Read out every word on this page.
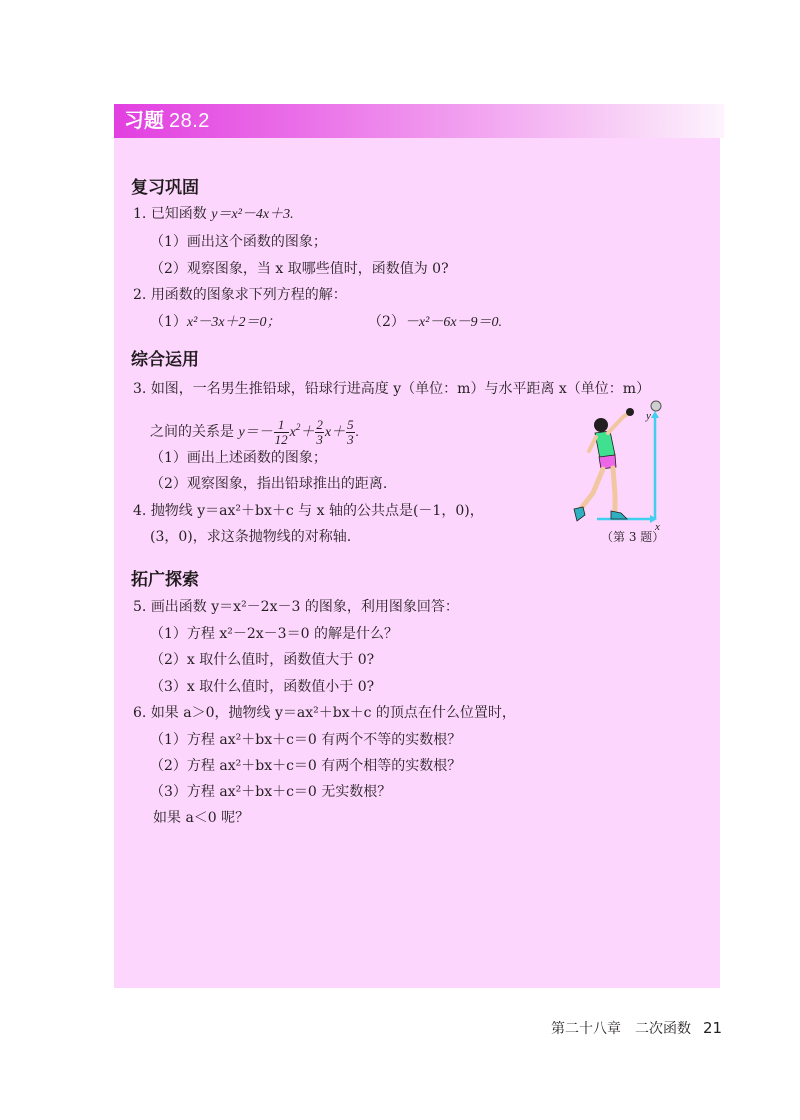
习题 28.2
复习巩固
1. 已知函数 y＝x²－4x＋3.
（1）画出这个函数的图象；
（2）观察图象，当 x 取哪些值时，函数值为 0?
2. 用函数的图象求下列方程的解：
（1）x²－3x＋2＝0；	（2）－x²－6x－9＝0.
综合运用
3. 如图，一名男生推铅球，铅球行进高度 y（单位：m）与水平距离 x（单位：m）
之间的关系是 $y=- \frac{1}{12} x^2+ \frac{2}{3} x+ \frac{5}{3}$ .
（1）画出上述函数的图象；
（2）观察图象，指出铅球推出的距离.
4. 抛物线 y＝ax²＋bx＋c 与 x 轴的公共点是(－1，0)，
(3，0)，求这条抛物线的对称轴.
y
x
（第 3 题）
拓广探索
5. 画出函数 y＝x²－2x－3 的图象，利用图象回答：
（1）方程 x²－2x－3＝0 的解是什么？
（2）x 取什么值时，函数值大于 0?
（3）x 取什么值时，函数值小于 0?
6. 如果 a＞0，抛物线 y＝ax²＋bx＋c 的顶点在什么位置时，
（1）方程 ax²＋bx＋c＝0 有两个不等的实数根？
（2）方程 ax²＋bx＋c＝0 有两个相等的实数根？
（3）方程 ax²＋bx＋c＝0 无实数根？
如果 a＜0 呢？
第二十八章 二次函数 21
